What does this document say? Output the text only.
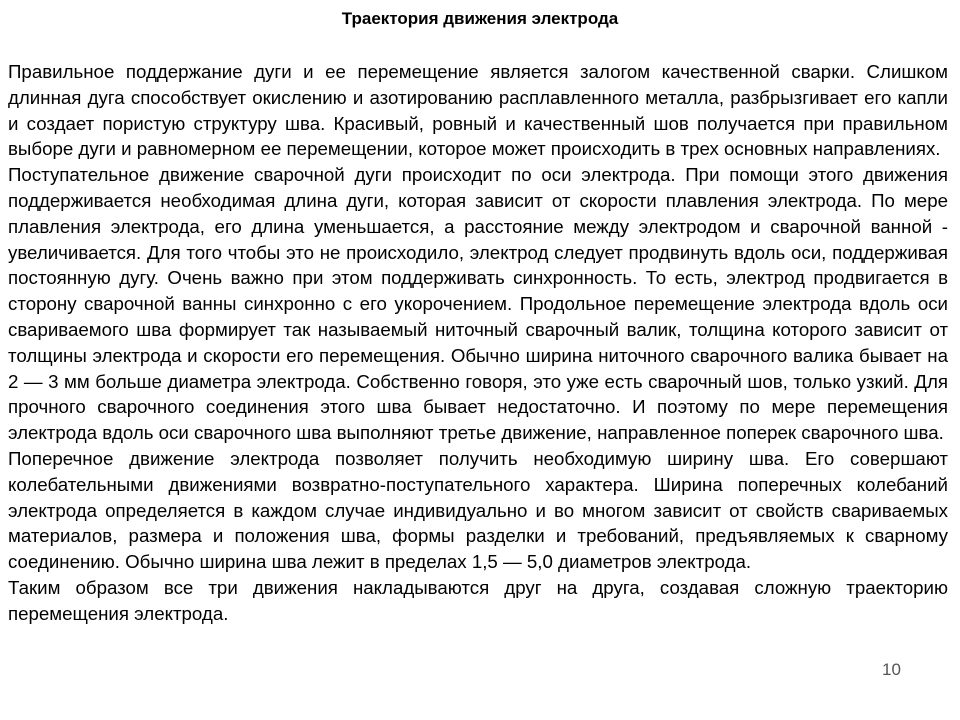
Траектория движения электрода

Правильное поддержание дуги и ее перемещение является залогом качественной сварки. Слишком длинная дуга способствует окислению и азотированию расплавленного металла, разбрызгивает его капли и создает пористую структуру шва. Красивый, ровный и качественный шов получается при правильном выборе дуги и равномерном ее перемещении, которое может происходить в трех основных направлениях.

Поступательное движение сварочной дуги происходит по оси электрода. При помощи этого движения поддерживается необходимая длина дуги, которая зависит от скорости плавления электрода. По мере плавления электрода, его длина уменьшается, а расстояние между электродом и сварочной ванной - увеличивается. Для того чтобы это не происходило, электрод следует продвинуть вдоль оси, поддерживая постоянную дугу. Очень важно при этом поддерживать синхронность. То есть, электрод продвигается в сторону сварочной ванны синхронно с его укорочением. Продольное перемещение электрода вдоль оси свариваемого шва формирует так называемый ниточный сварочный валик, толщина которого зависит от толщины электрода и скорости его перемещения. Обычно ширина ниточного сварочного валика бывает на 2 — 3 мм больше диаметра электрода. Собственно говоря, это уже есть сварочный шов, только узкий. Для прочного сварочного соединения этого шва бывает недостаточно. И поэтому по мере перемещения электрода вдоль оси сварочного шва выполняют третье движение, направленное поперек сварочного шва.

Поперечное движение электрода позволяет получить необходимую ширину шва. Его совершают колебательными движениями возвратно-поступательного характера. Ширина поперечных колебаний электрода определяется в каждом случае индивидуально и во многом зависит от свойств свариваемых материалов, размера и положения шва, формы разделки и требований, предъявляемых к сварному соединению. Обычно ширина шва лежит в пределах 1,5 — 5,0 диаметров электрода.

Таким образом все три движения накладываются друг на друга, создавая сложную траекторию перемещения электрода.

10
